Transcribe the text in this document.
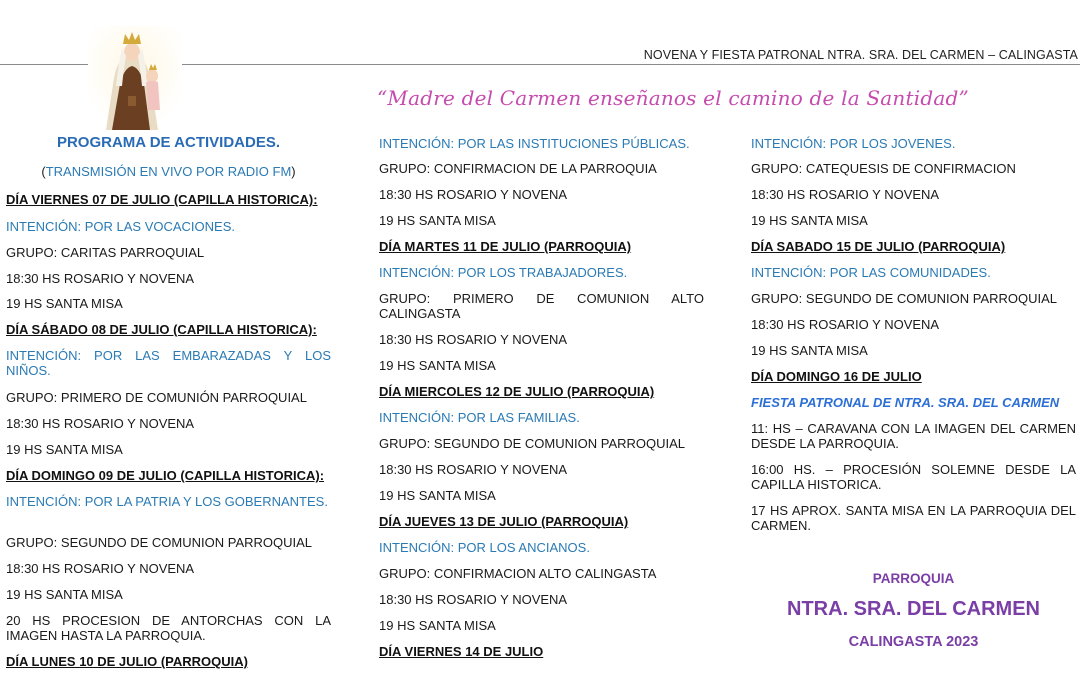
NOVENA Y FIESTA PATRONAL NTRA. SRA. DEL CARMEN – CALINGASTA
“Madre del Carmen enseñanos el camino de la Santidad”
PROGRAMA DE ACTIVIDADES.
(TRANSMISIÓN EN VIVO POR RADIO FM)
DÍA VIERNES 07 DE JULIO (CAPILLA HISTORICA):
INTENCIÓN: POR LAS VOCACIONES.
GRUPO: CARITAS PARROQUIAL
18:30 HS ROSARIO Y NOVENA
19 HS SANTA MISA
DÍA SÁBADO 08 DE JULIO (CAPILLA HISTORICA):
INTENCIÓN: POR LAS EMBARAZADAS Y LOS NIÑOS.
GRUPO: PRIMERO DE COMUNIÓN PARROQUIAL
18:30 HS ROSARIO Y NOVENA
19 HS SANTA MISA
DÍA DOMINGO 09 DE JULIO (CAPILLA HISTORICA):
INTENCIÓN: POR LA PATRIA Y LOS GOBERNANTES.
GRUPO: SEGUNDO DE COMUNION PARROQUIAL
18:30 HS ROSARIO Y NOVENA
19 HS SANTA MISA
20 HS PROCESION DE ANTORCHAS CON LA IMAGEN HASTA LA PARROQUIA.
DÍA LUNES 10 DE JULIO (PARROQUIA)
INTENCIÓN: POR LAS INSTITUCIONES PÚBLICAS.
GRUPO: CONFIRMACION DE LA PARROQUIA
18:30 HS ROSARIO Y NOVENA
19 HS SANTA MISA
DÍA MARTES 11 DE JULIO (PARROQUIA)
INTENCIÓN: POR LOS TRABAJADORES.
GRUPO: PRIMERO DE COMUNION ALTO CALINGASTA
18:30 HS ROSARIO Y NOVENA
19 HS SANTA MISA
DÍA MIERCOLES 12 DE JULIO (PARROQUIA)
INTENCIÓN: POR LAS FAMILIAS.
GRUPO: SEGUNDO DE COMUNION PARROQUIAL
18:30 HS ROSARIO Y NOVENA
19 HS SANTA MISA
DÍA JUEVES 13 DE JULIO (PARROQUIA)
INTENCIÓN: POR LOS ANCIANOS.
GRUPO: CONFIRMACION ALTO CALINGASTA
18:30 HS ROSARIO Y NOVENA
19 HS SANTA MISA
DÍA VIERNES 14 DE JULIO
INTENCIÓN: POR LOS JOVENES.
GRUPO: CATEQUESIS DE CONFIRMACION
18:30 HS ROSARIO Y NOVENA
19 HS SANTA MISA
DÍA SABADO 15 DE JULIO (PARROQUIA)
INTENCIÓN: POR LAS COMUNIDADES.
GRUPO: SEGUNDO DE COMUNION PARROQUIAL
18:30 HS ROSARIO Y NOVENA
19 HS SANTA MISA
DÍA DOMINGO 16 DE JULIO
FIESTA PATRONAL DE NTRA. SRA. DEL CARMEN
11: HS – CARAVANA CON LA IMAGEN DEL CARMEN DESDE LA PARROQUIA.
16:00 HS. – PROCESIÓN SOLEMNE DESDE LA CAPILLA HISTORICA.
17 HS APROX. SANTA MISA EN LA PARROQUIA DEL CARMEN.
PARROQUIA
NTRA. SRA. DEL CARMEN
CALINGASTA 2023
